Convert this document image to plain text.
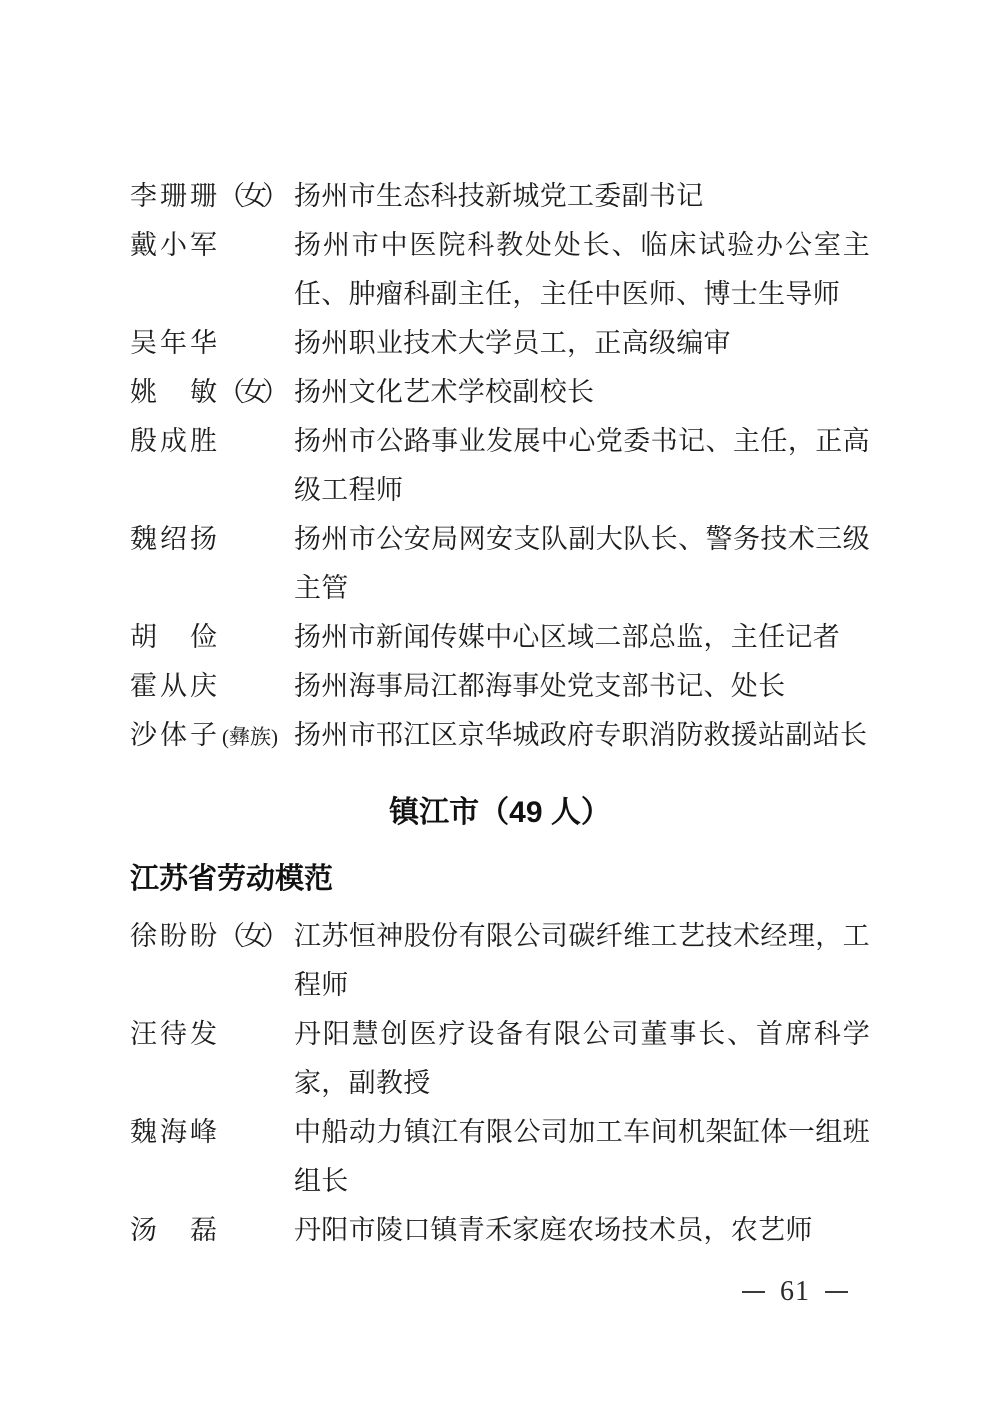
李珊珊（女） 扬州市生态科技新城党工委副书记
戴小军	扬州市中医院科教处处长、临床试验办公室主任、肿瘤科副主任，主任中医师、博士生导师
吴年华	扬州职业技术大学员工，正高级编审
姚　敏（女） 扬州文化艺术学校副校长
殷成胜	扬州市公路事业发展中心党委书记、主任，正高级工程师
魏绍扬	扬州市公安局网安支队副大队长、警务技术三级主管
胡　俭	扬州市新闻传媒中心区域二部总监，主任记者
霍从庆	扬州海事局江都海事处党支部书记、处长
沙体子(彝族) 扬州市邗江区京华城政府专职消防救援站副站长
镇江市（49 人）
江苏省劳动模范
徐盼盼（女） 江苏恒神股份有限公司碳纤维工艺技术经理，工程师
汪待发	丹阳慧创医疗设备有限公司董事长、首席科学家，副教授
魏海峰	中船动力镇江有限公司加工车间机架缸体一组班组长
汤　磊	丹阳市陵口镇青禾家庭农场技术员，农艺师
61
